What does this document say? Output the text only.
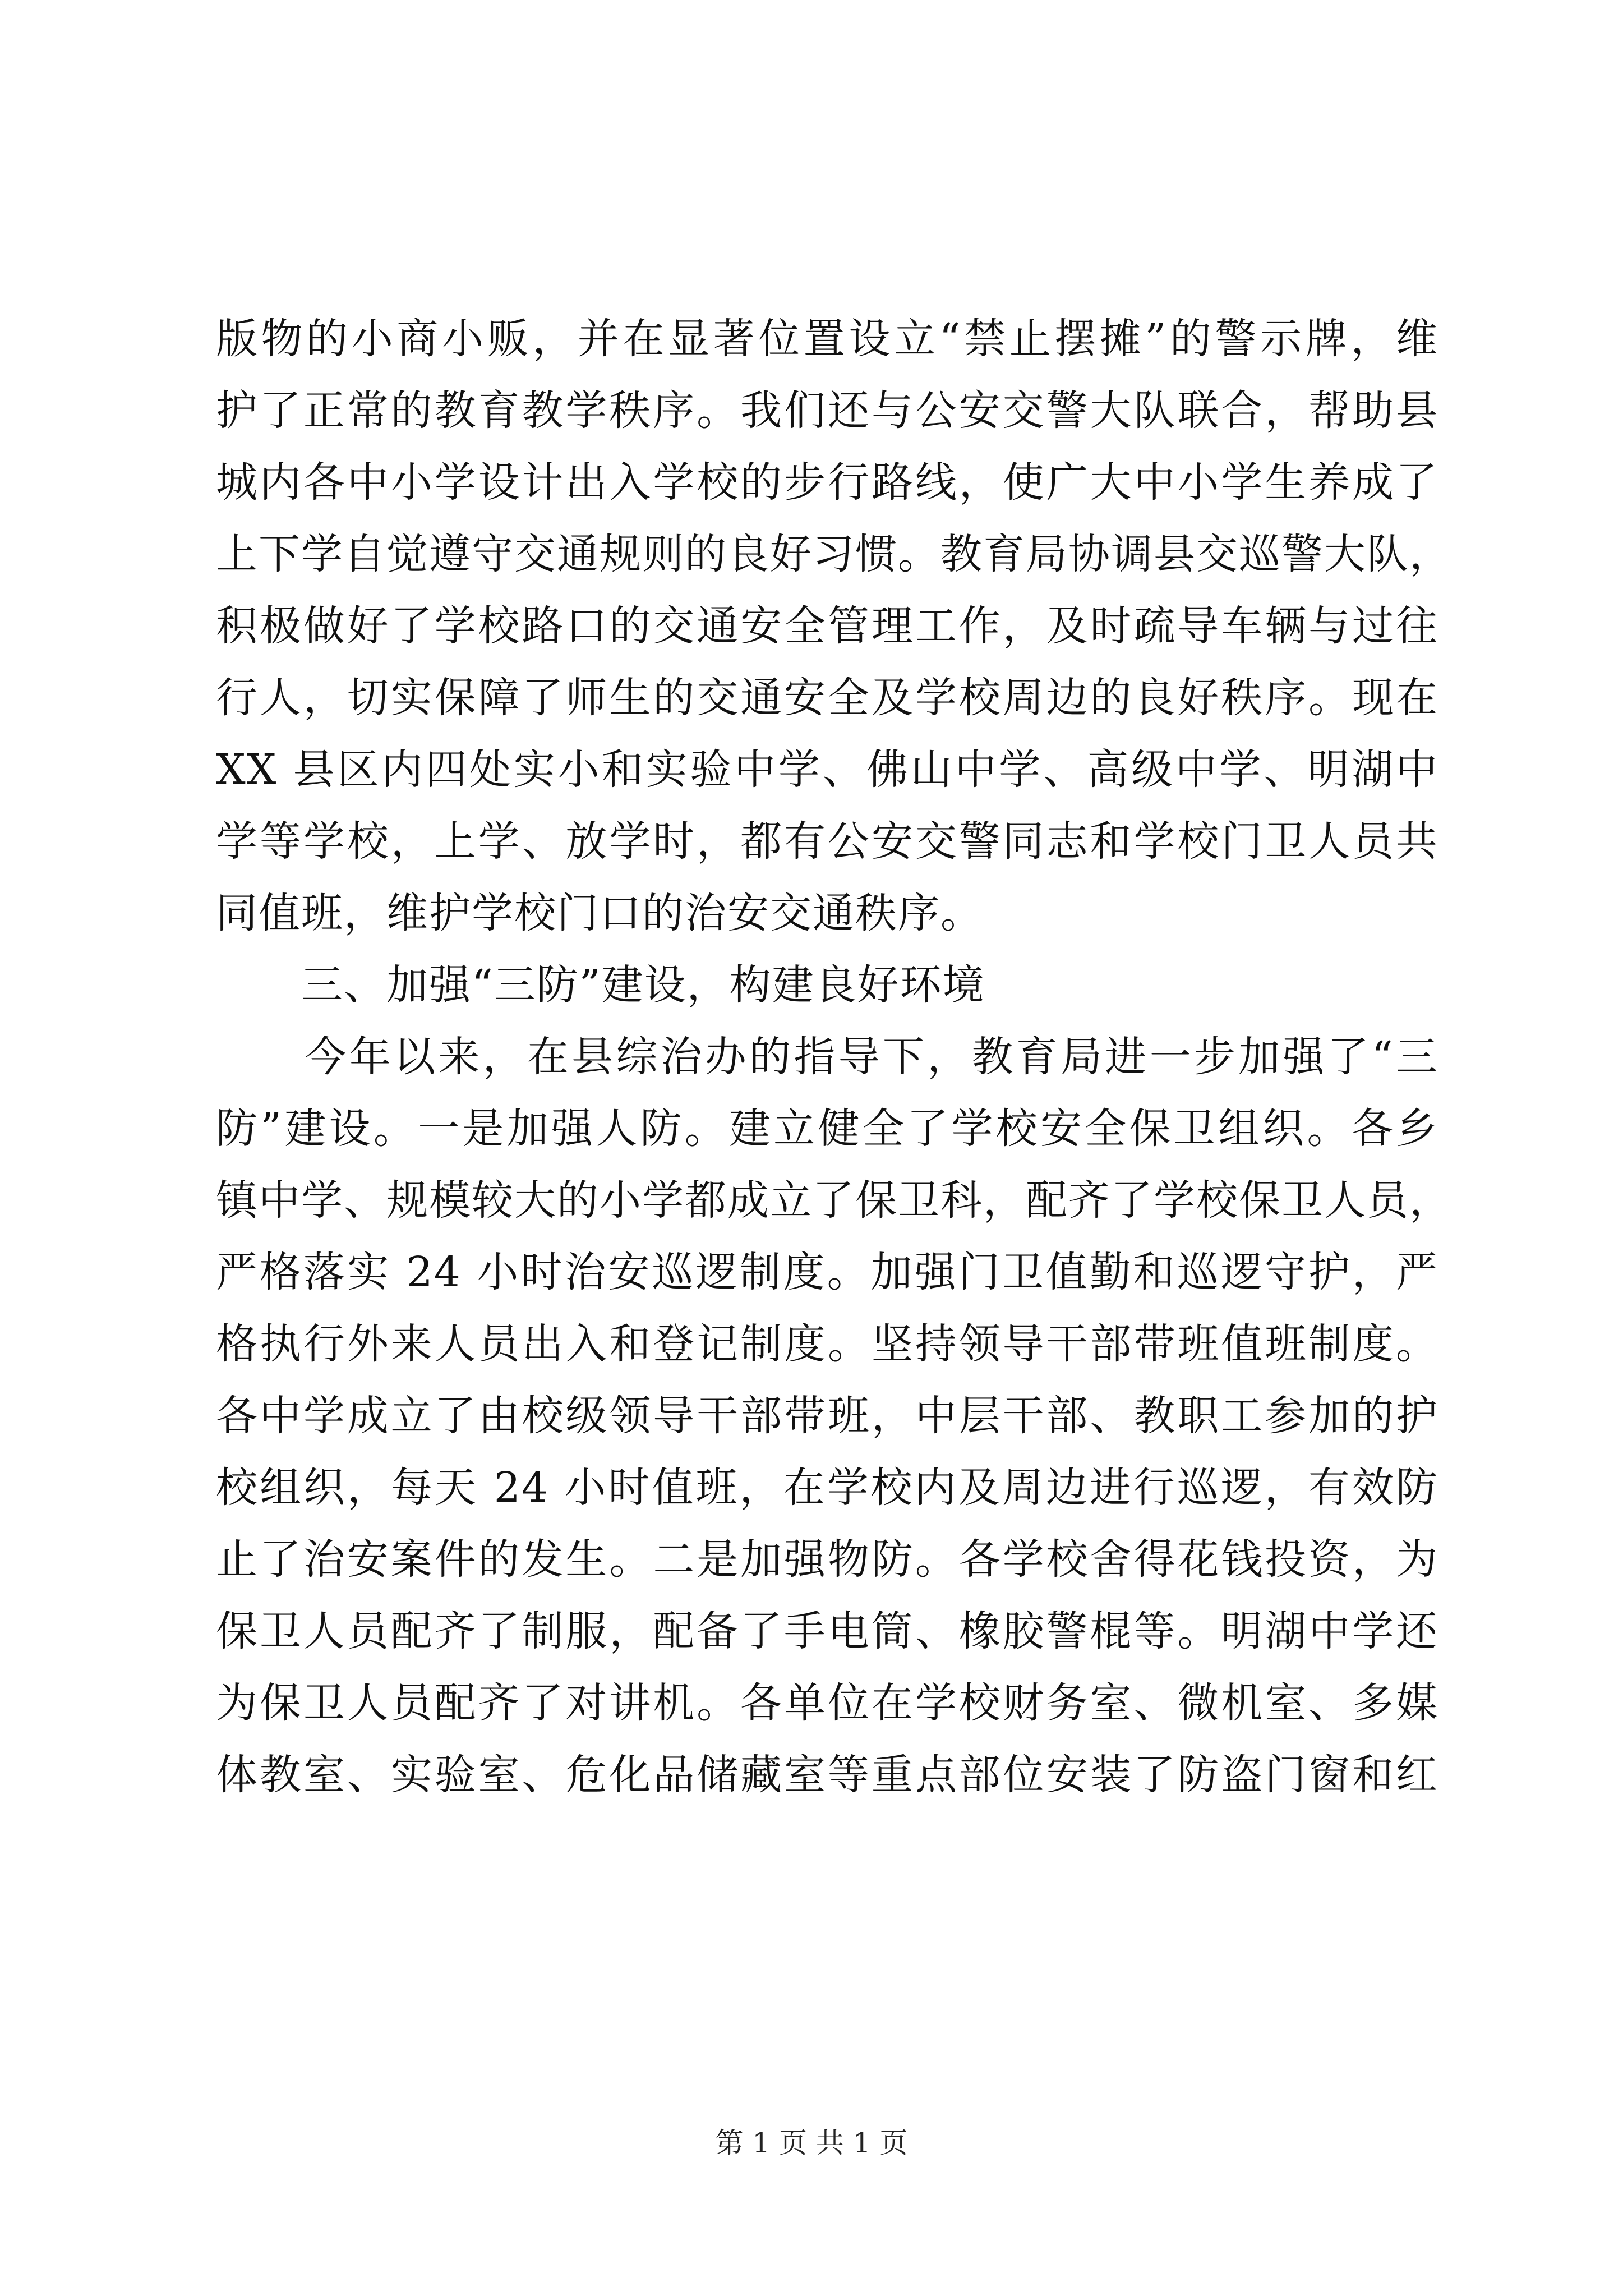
版物的小商小贩，并在显著位置设立“禁止摆摊”的警示牌，维
护了正常的教育教学秩序。我们还与公安交警大队联合，帮助县
城内各中小学设计出入学校的步行路线，使广大中小学生养成了
上下学自觉遵守交通规则的良好习惯。教育局协调县交巡警大队，
积极做好了学校路口的交通安全管理工作，及时疏导车辆与过往
行人，切实保障了师生的交通安全及学校周边的良好秩序。现在
XX 县区内四处实小和实验中学、佛山中学、高级中学、明湖中
学等学校，上学、放学时，都有公安交警同志和学校门卫人员共
同值班，维护学校门口的治安交通秩序。
　　三、加强“三防”建设，构建良好环境
　　今年以来，在县综治办的指导下，教育局进一步加强了“三
防”建设。一是加强人防。建立健全了学校安全保卫组织。各乡
镇中学、规模较大的小学都成立了保卫科，配齐了学校保卫人员，
严格落实 24 小时治安巡逻制度。加强门卫值勤和巡逻守护，严
格执行外来人员出入和登记制度。坚持领导干部带班值班制度。
各中学成立了由校级领导干部带班，中层干部、教职工参加的护
校组织，每天 24 小时值班，在学校内及周边进行巡逻，有效防
止了治安案件的发生。二是加强物防。各学校舍得花钱投资，为
保卫人员配齐了制服，配备了手电筒、橡胶警棍等。明湖中学还
为保卫人员配齐了对讲机。各单位在学校财务室、微机室、多媒
体教室、实验室、危化品储藏室等重点部位安装了防盗门窗和红
第 1 页 共 1 页
